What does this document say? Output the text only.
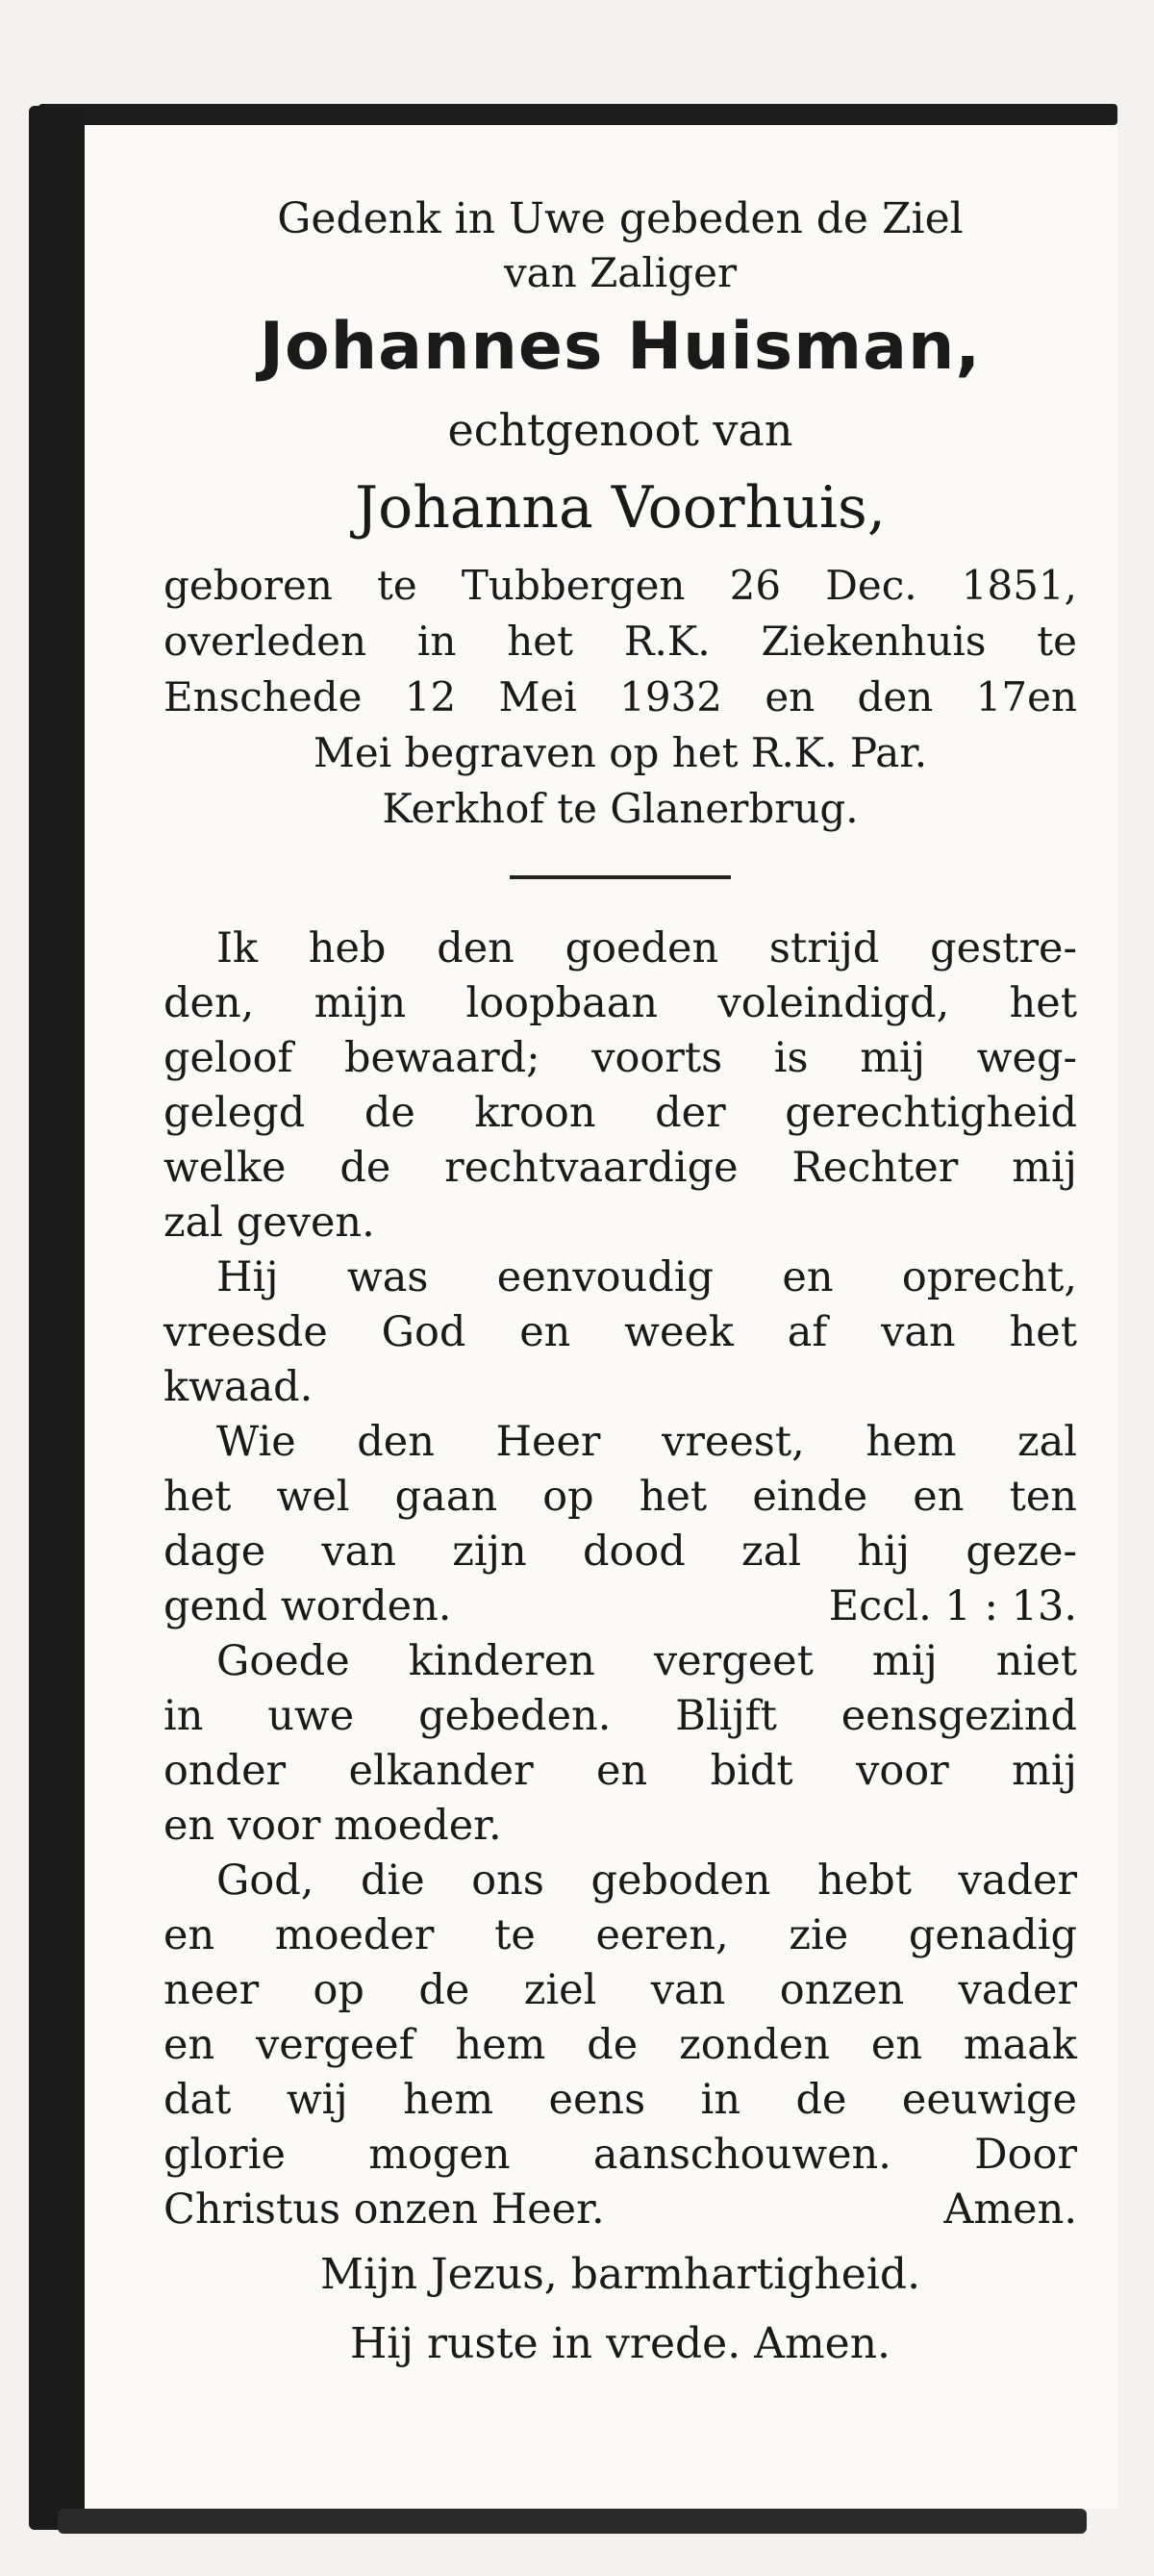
Gedenk in Uwe gebeden de Ziel

van Zaliger

Johannes Huisman,

echtgenoot van

Johanna Voorhuis,

geboren te Tubbergen 26 Dec. 1851,

overleden in het R.K. Ziekenhuis te

Enschede 12 Mei 1932 en den 17en

Mei begraven op het R.K. Par.

Kerkhof te Glanerbrug.

Ik heb den goeden strijd gestre-

den, mijn loopbaan voleindigd, het

geloof bewaard; voorts is mij weg-

gelegd de kroon der gerechtigheid

welke de rechtvaardige Rechter mij

zal geven.

Hij was eenvoudig en oprecht,

vreesde God en week af van het

kwaad.

Wie den Heer vreest, hem zal

het wel gaan op het einde en ten

dage van zijn dood zal hij geze-

gend worden.	Eccl. 1 : 13.

Goede kinderen vergeet mij niet

in uwe gebeden. Blijft eensgezind

onder elkander en bidt voor mij

en voor moeder.

God, die ons geboden hebt vader

en moeder te eeren, zie genadig

neer op de ziel van onzen vader

en vergeef hem de zonden en maak

dat wij hem eens in de eeuwige

glorie mogen aanschouwen. Door

Christus onzen Heer.	Amen.

Mijn Jezus, barmhartigheid.

Hij ruste in vrede. Amen.
